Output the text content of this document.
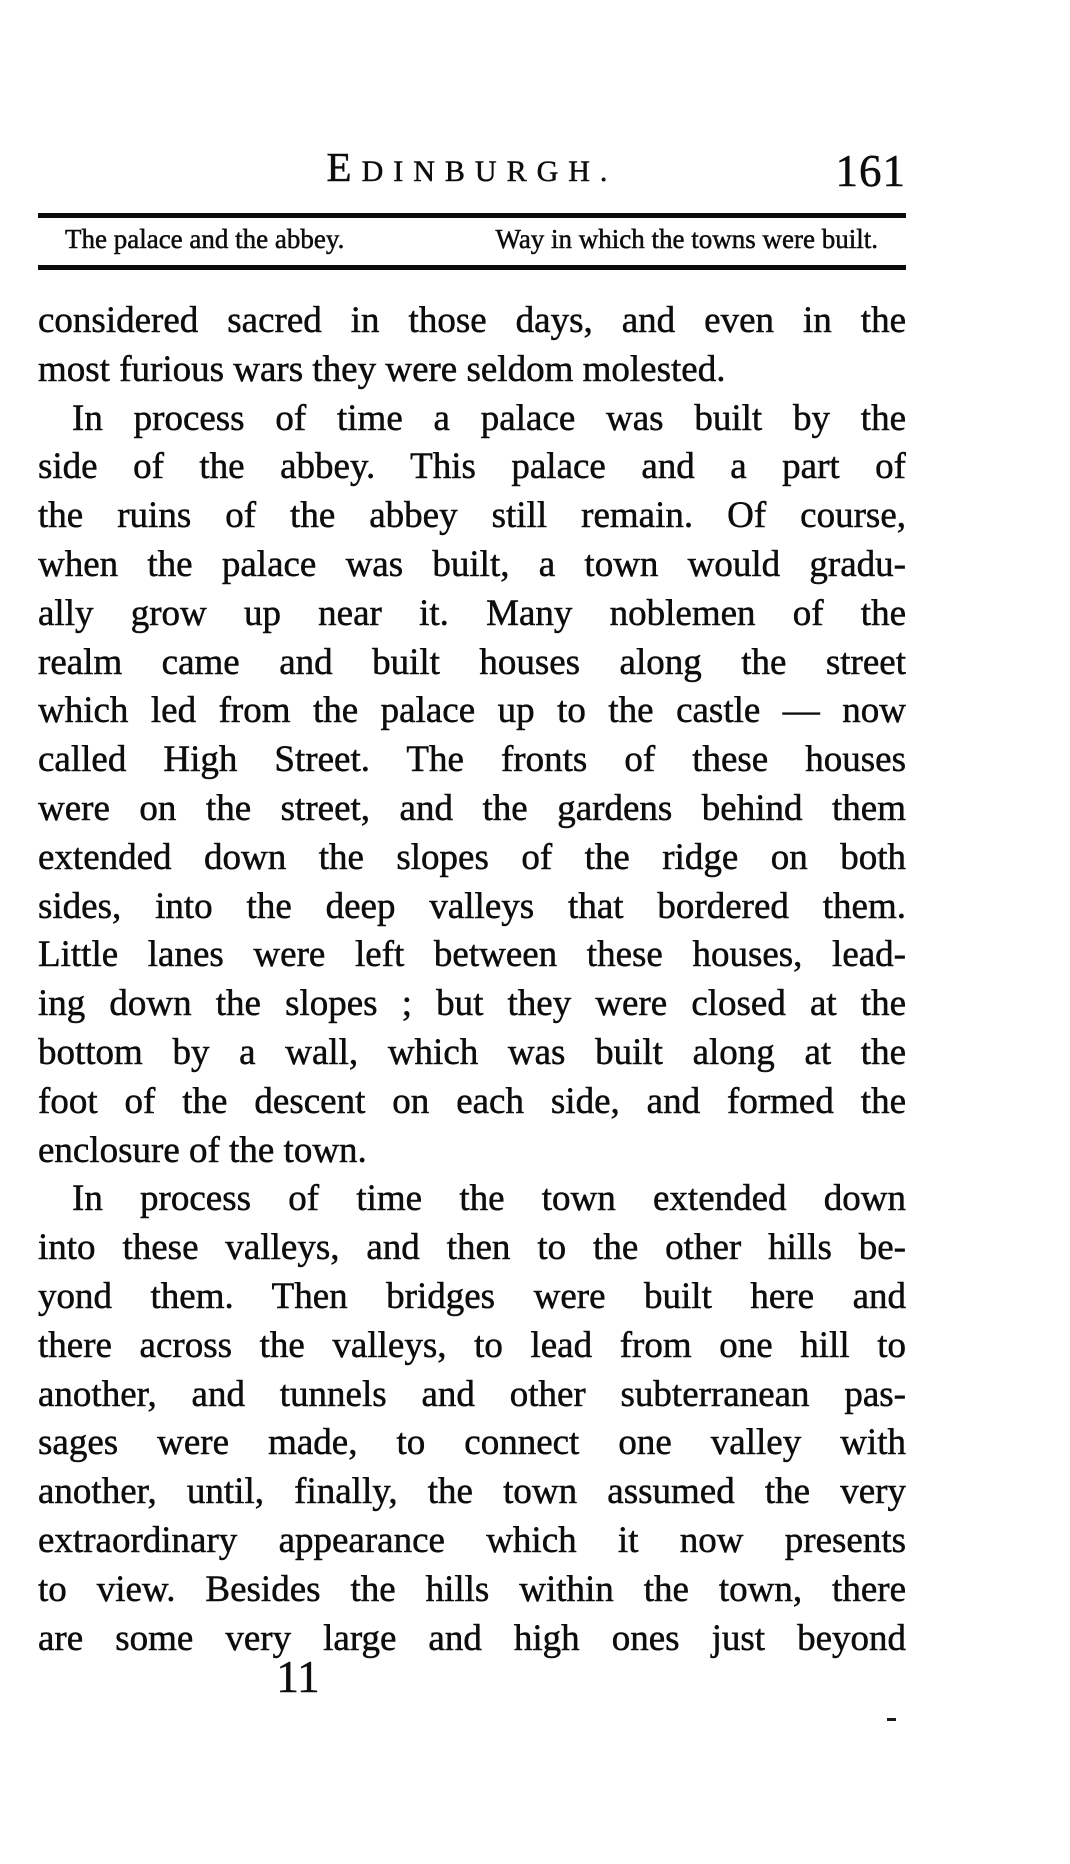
EDINBURGH.	161
The palace and the abbey.	Way in which the towns were built.
considered sacred in those days, and even in the
most furious wars they were seldom molested.
In process of time a palace was built by the
side of the abbey. This palace and a part of
the ruins of the abbey still remain. Of course,
when the palace was built, a town would gradu-
ally grow up near it. Many noblemen of the
realm came and built houses along the street
which led from the palace up to the castle — now
called High Street. The fronts of these houses
were on the street, and the gardens behind them
extended down the slopes of the ridge on both
sides, into the deep valleys that bordered them.
Little lanes were left between these houses, lead-
ing down the slopes ; but they were closed at the
bottom by a wall, which was built along at the
foot of the descent on each side, and formed the
enclosure of the town.
In process of time the town extended down
into these valleys, and then to the other hills be-
yond them. Then bridges were built here and
there across the valleys, to lead from one hill to
another, and tunnels and other subterranean pas-
sages were made, to connect one valley with
another, until, finally, the town assumed the very
extraordinary appearance which it now presents
to view. Besides the hills within the town, there
are some very large and high ones just beyond
11
